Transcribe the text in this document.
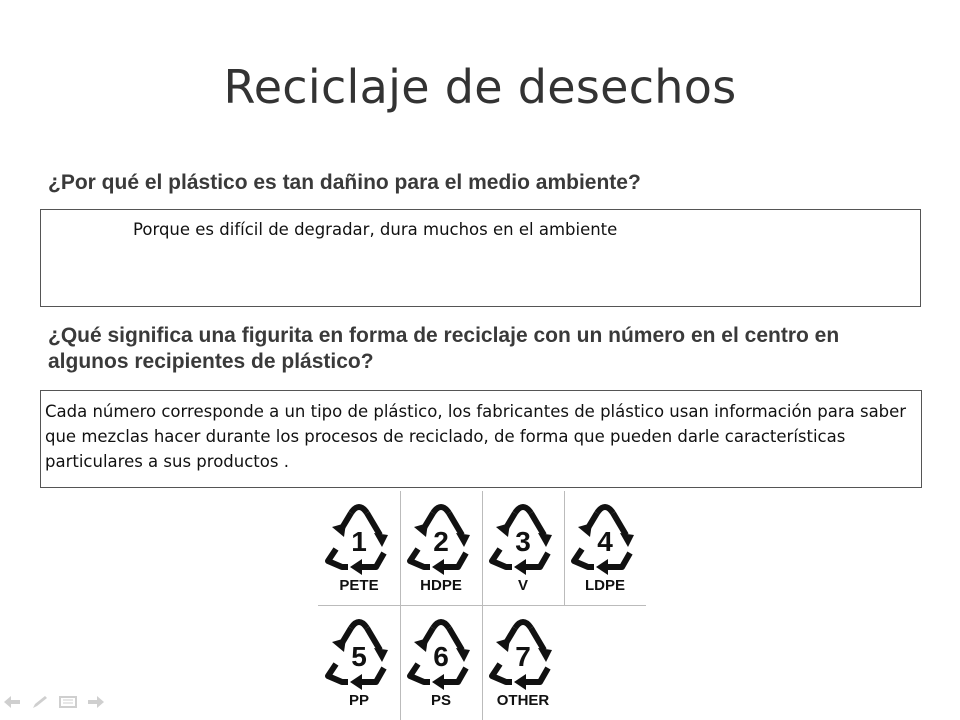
Reciclaje de desechos
¿Por qué el plástico es tan dañino para el medio ambiente?
Porque es difícil de degradar, dura muchos en el ambiente
¿Qué significa una figurita en forma de reciclaje con un número en el centro en algunos recipientes de plástico?
Cada número corresponde a un tipo de plástico, los fabricantes de plástico usan información para saber que mezclas hacer durante los procesos de reciclado, de forma que pueden darle características particulares a sus productos .
1
PETE
2
HDPE
3
V
4
LDPE
5
PP
6
PS
7
OTHER
